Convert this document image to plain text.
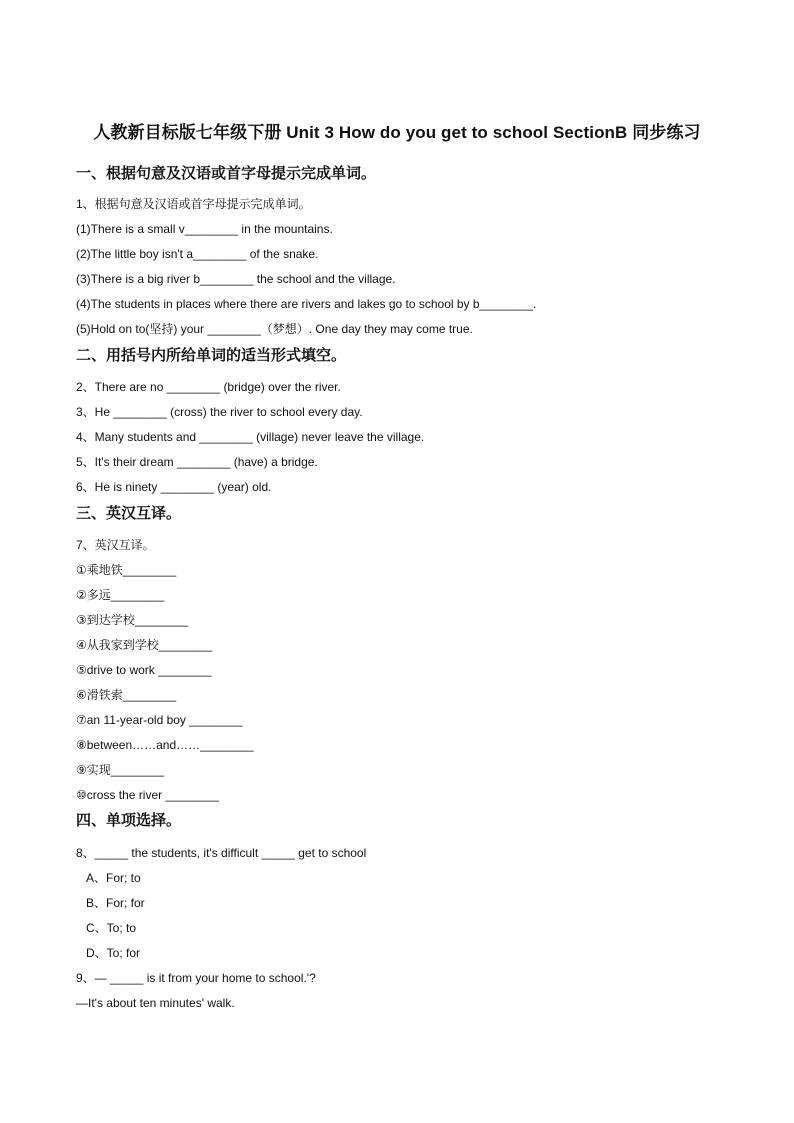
人教新目标版七年级下册 Unit 3 How do you get to school SectionB 同步练习
一、根据句意及汉语或首字母提示完成单词。
1、根据句意及汉语或首字母提示完成单词。
(1)There is a small v________ in the mountains.
(2)The little boy isn't a________ of the snake.
(3)There is a big river b________ the school and the village.
(4)The students in places where there are rivers and lakes go to school by b________.
(5)Hold on to(坚持) your ________（梦想）. One day they may come true.
二、用括号内所给单词的适当形式填空。
2、There are no ________ (bridge) over the river.
3、He ________ (cross) the river to school every day.
4、Many students and ________ (village) never leave the village.
5、It's their dream ________ (have) a bridge.
6、He is ninety ________ (year) old.
三、英汉互译。
7、英汉互译。
①乘地铁________
②多远________
③到达学校________
④从我家到学校________
⑤drive to work ________
⑥滑铁索________
⑦an 11-year-old boy ________
⑧between……and……________
⑨实现________
⑩cross the river ________
四、单项选择。
8、_____ the students, it's difficult _____ get to school
A、For; to
B、For; for
C、To; to
D、To; for
9、— _____ is it from your home to school.'?
—It's about ten minutes' walk.
